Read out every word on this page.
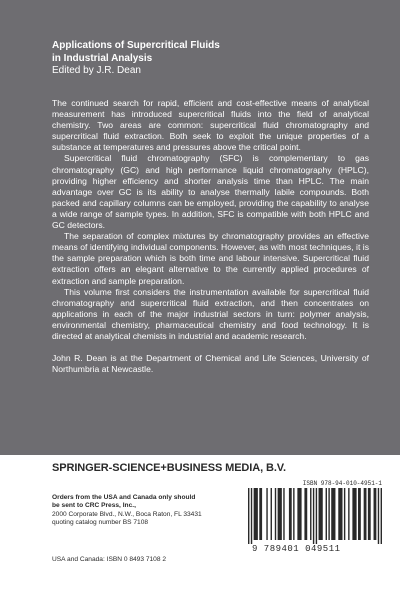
Applications of Supercritical Fluids

in Industrial Analysis

Edited by J.R. Dean

The continued search for rapid, efficient and cost-effective means of analytical measurement has introduced supercritical fluids into the field of analytical chemistry. Two areas are common: supercritical fluid chromatography and supercritical fluid extraction. Both seek to exploit the unique properties of a substance at temperatures and pressures above the critical point.

Supercritical fluid chromatography (SFC) is complementary to gas chromatography (GC) and high performance liquid chromatography (HPLC), providing higher efficiency and shorter analysis time than HPLC. The main advantage over GC is its ability to analyse thermally labile compounds. Both packed and capillary columns can be employed, providing the capability to analyse a wide range of sample types. In addition, SFC is compatible with both HPLC and GC detectors.

The separation of complex mixtures by chromatography provides an effective means of identifying individual components. However, as with most techniques, it is the sample preparation which is both time and labour intensive. Supercritical fluid extraction offers an elegant alternative to the currently applied procedures of extraction and sample preparation.

This volume first considers the instrumentation available for supercritical fluid chromatography and supercritical fluid extraction, and then concentrates on applications in each of the major industrial sectors in turn: polymer analysis, environmental chemistry, pharmaceutical chemistry and food technology. It is directed at analytical chemists in industrial and academic research.

John R. Dean is at the Department of Chemical and Life Sciences, University of Northumbria at Newcastle.

SPRINGER-SCIENCE+BUSINESS MEDIA, B.V.
ISBN 978-94-010-4951-1
Orders from the USA and Canada only should
be sent to CRC Press, Inc.,
2000 Corporate Blvd., N.W., Boca Raton, FL 33431
quoting catalog number BS 7108
9 789401 049511
USA and Canada: ISBN 0 8493 7108 2
